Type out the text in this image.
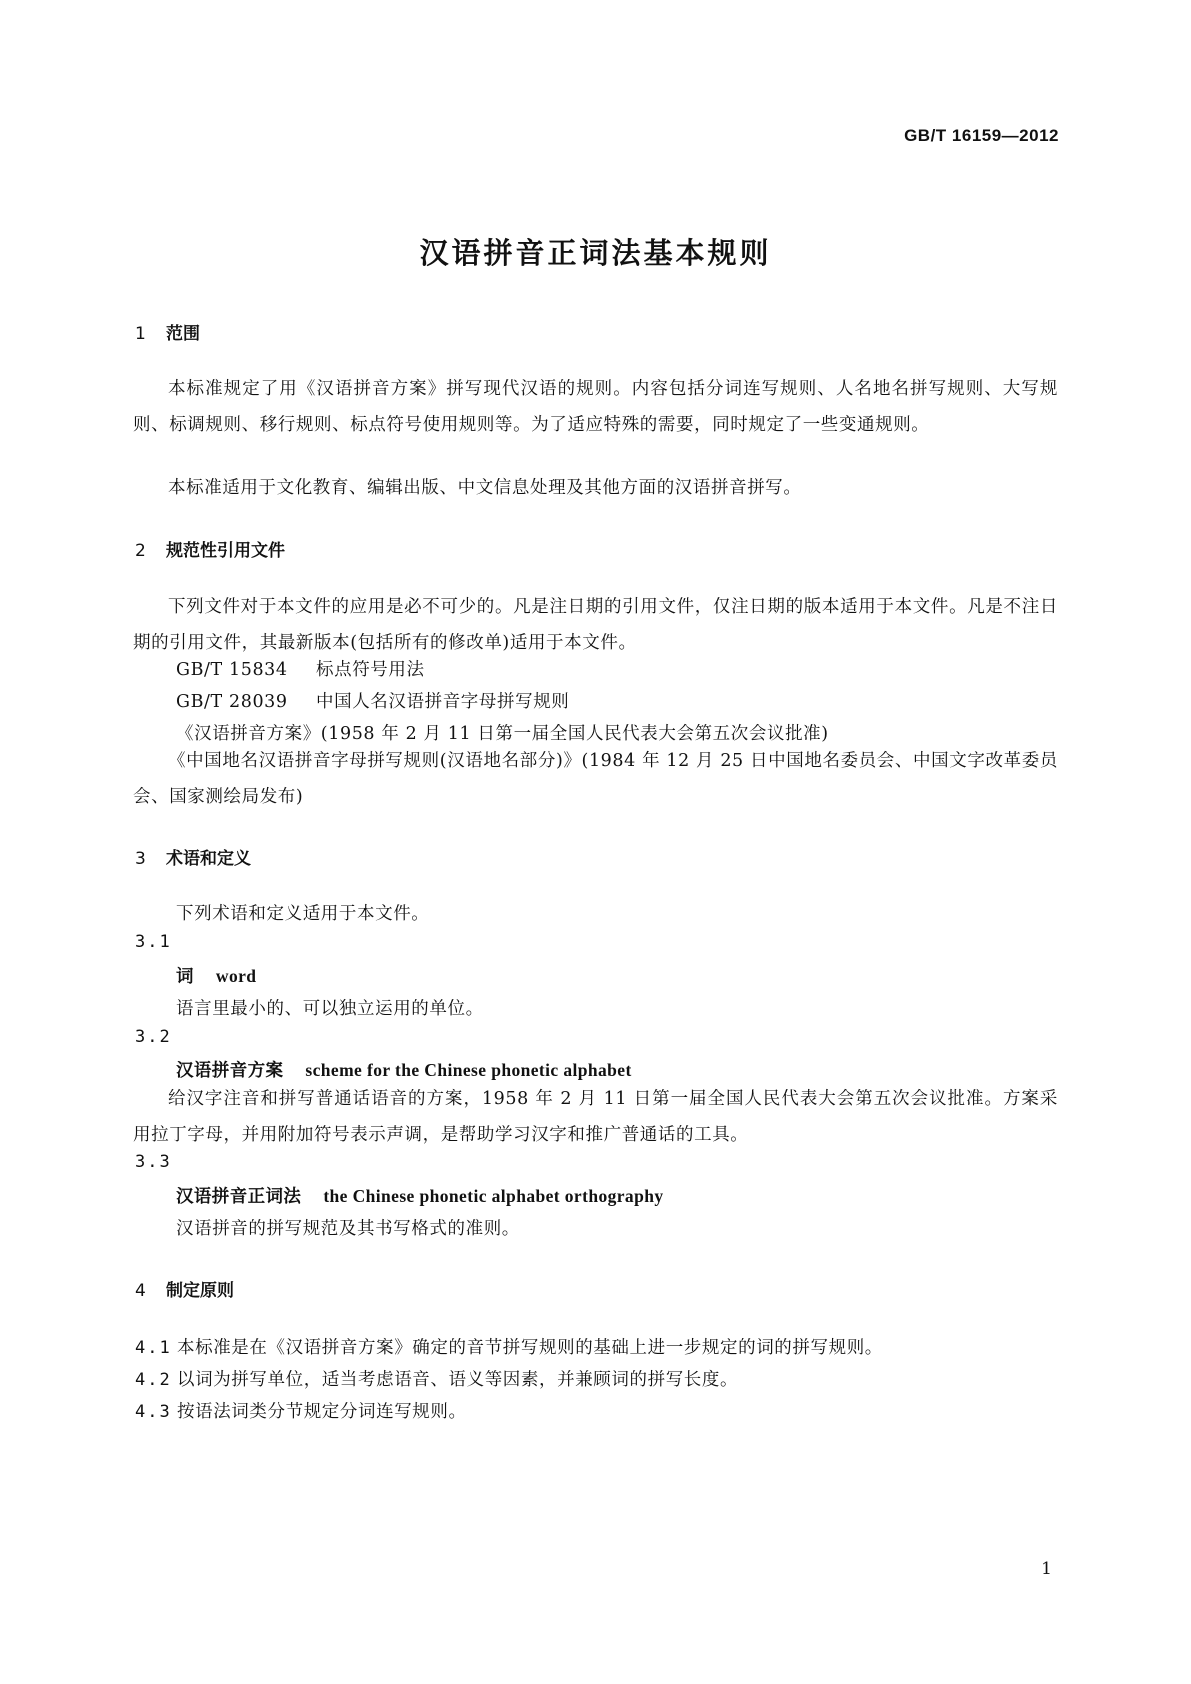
GB/T 16159—2012
汉语拼音正词法基本规则
1 范围
本标准规定了用《汉语拼音方案》拼写现代汉语的规则。内容包括分词连写规则、人名地名拼写规则、大写规则、标调规则、移行规则、标点符号使用规则等。为了适应特殊的需要，同时规定了一些变通规则。
本标准适用于文化教育、编辑出版、中文信息处理及其他方面的汉语拼音拼写。
2 规范性引用文件
下列文件对于本文件的应用是必不可少的。凡是注日期的引用文件，仅注日期的版本适用于本文件。凡是不注日期的引用文件，其最新版本(包括所有的修改单)适用于本文件。
GB/T 15834 标点符号用法
GB/T 28039 中国人名汉语拼音字母拼写规则
《汉语拼音方案》(1958 年 2 月 11 日第一届全国人民代表大会第五次会议批准)
《中国地名汉语拼音字母拼写规则(汉语地名部分)》(1984 年 12 月 25 日中国地名委员会、中国文字改革委员会、国家测绘局发布)
3 术语和定义
下列术语和定义适用于本文件。
3.1
词 word
语言里最小的、可以独立运用的单位。
3.2
汉语拼音方案 scheme for the Chinese phonetic alphabet
给汉字注音和拼写普通话语音的方案，1958 年 2 月 11 日第一届全国人民代表大会第五次会议批准。方案采用拉丁字母，并用附加符号表示声调，是帮助学习汉字和推广普通话的工具。
3.3
汉语拼音正词法 the Chinese phonetic alphabet orthography
汉语拼音的拼写规范及其书写格式的准则。
4 制定原则
4.1 本标准是在《汉语拼音方案》确定的音节拼写规则的基础上进一步规定的词的拼写规则。
4.2 以词为拼写单位，适当考虑语音、语义等因素，并兼顾词的拼写长度。
4.3 按语法词类分节规定分词连写规则。
1
